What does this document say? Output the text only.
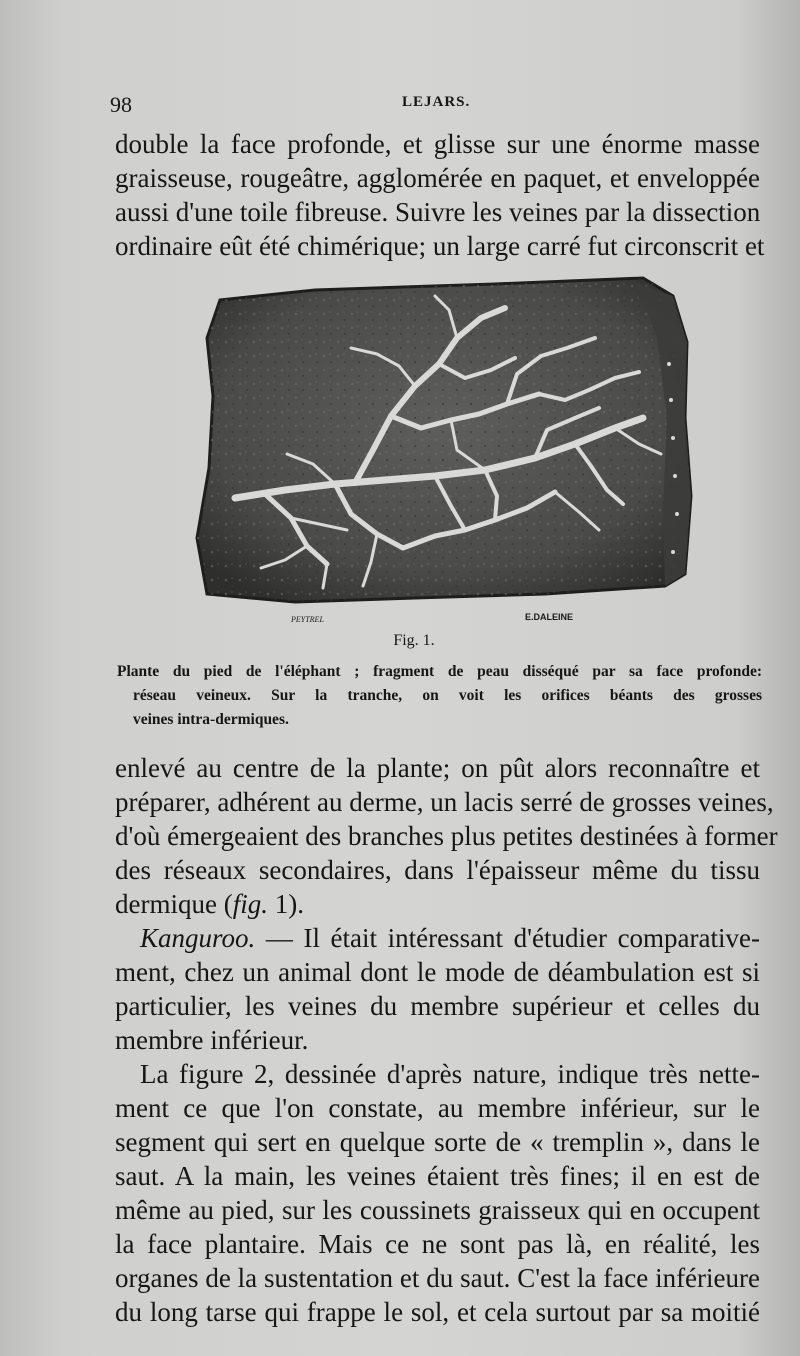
98	LEJARS.
double la face profonde, et glisse sur une énorme masse
graisseuse, rougeâtre, agglomérée en paquet, et enveloppée
aussi d'une toile fibreuse. Suivre les veines par la dissection
ordinaire eût été chimérique; un large carré fut circonscrit et
PEYTREL	E.DALEINE
Fig. 1.
Plante du pied de l'éléphant ; fragment de peau disséqué par sa face profonde:
réseau veineux. Sur la tranche, on voit les orifices béants des grosses
veines intra-dermiques.
enlevé au centre de la plante; on pût alors reconnaître et
préparer, adhérent au derme, un lacis serré de grosses veines,
d'où émergeaient des branches plus petites destinées à former
des réseaux secondaires, dans l'épaisseur même du tissu
dermique (fig. 1).
Kanguroo. — Il était intéressant d'étudier comparative-
ment, chez un animal dont le mode de déambulation est si
particulier, les veines du membre supérieur et celles du
membre inférieur.
La figure 2, dessinée d'après nature, indique très nette-
ment ce que l'on constate, au membre inférieur, sur le
segment qui sert en quelque sorte de « tremplin », dans le
saut. A la main, les veines étaient très fines; il en est de
même au pied, sur les coussinets graisseux qui en occupent
la face plantaire. Mais ce ne sont pas là, en réalité, les
organes de la sustentation et du saut. C'est la face inférieure
du long tarse qui frappe le sol, et cela surtout par sa moitié
